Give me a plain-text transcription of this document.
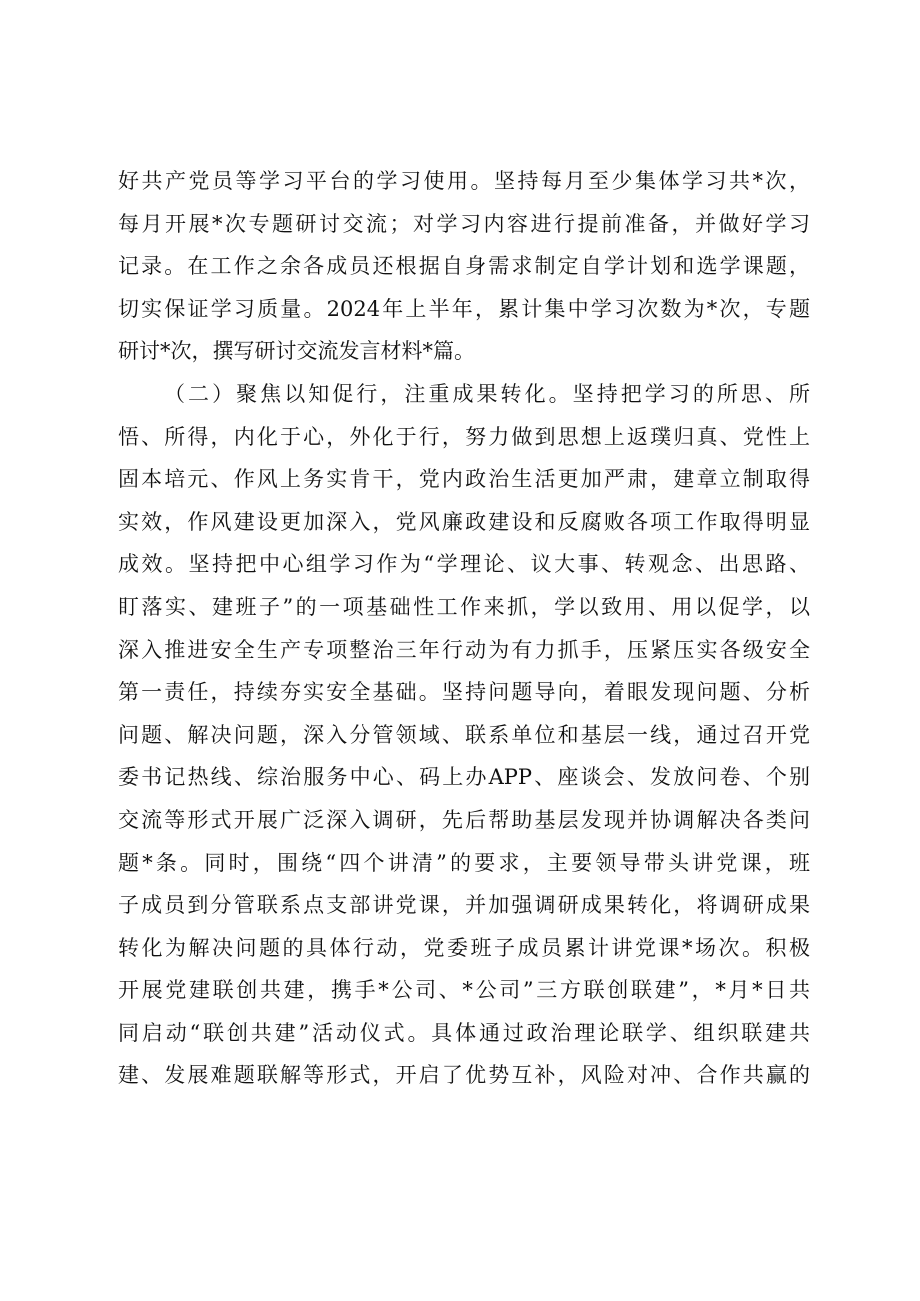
好共产党员等学习平台的学习使用。坚持每月至少集体学习共*次，
每月开展*次专题研讨交流；对学习内容进行提前准备，并做好学习
记录。在工作之余各成员还根据自身需求制定自学计划和选学课题，
切实保证学习质量。2024年上半年，累计集中学习次数为*次，专题
研讨*次，撰写研讨交流发言材料*篇。
（二）聚焦以知促行，注重成果转化。坚持把学习的所思、所
悟、所得，内化于心，外化于行，努力做到思想上返璞归真、党性上
固本培元、作风上务实肯干，党内政治生活更加严肃，建章立制取得
实效，作风建设更加深入，党风廉政建设和反腐败各项工作取得明显
成效。坚持把中心组学习作为“学理论、议大事、转观念、出思路、
盯落实、建班子”的一项基础性工作来抓，学以致用、用以促学，以
深入推进安全生产专项整治三年行动为有力抓手，压紧压实各级安全
第一责任，持续夯实安全基础。坚持问题导向，着眼发现问题、分析
问题、解决问题，深入分管领域、联系单位和基层一线，通过召开党
委书记热线、综治服务中心、码上办APP、座谈会、发放问卷、个别
交流等形式开展广泛深入调研，先后帮助基层发现并协调解决各类问
题*条。同时，围绕“四个讲清”的要求，主要领导带头讲党课，班
子成员到分管联系点支部讲党课，并加强调研成果转化，将调研成果
转化为解决问题的具体行动，党委班子成员累计讲党课*场次。积极
开展党建联创共建，携手*公司、*公司”三方联创联建”，*月*日共
同启动“联创共建”活动仪式。具体通过政治理论联学、组织联建共
建、发展难题联解等形式，开启了优势互补，风险对冲、合作共赢的
